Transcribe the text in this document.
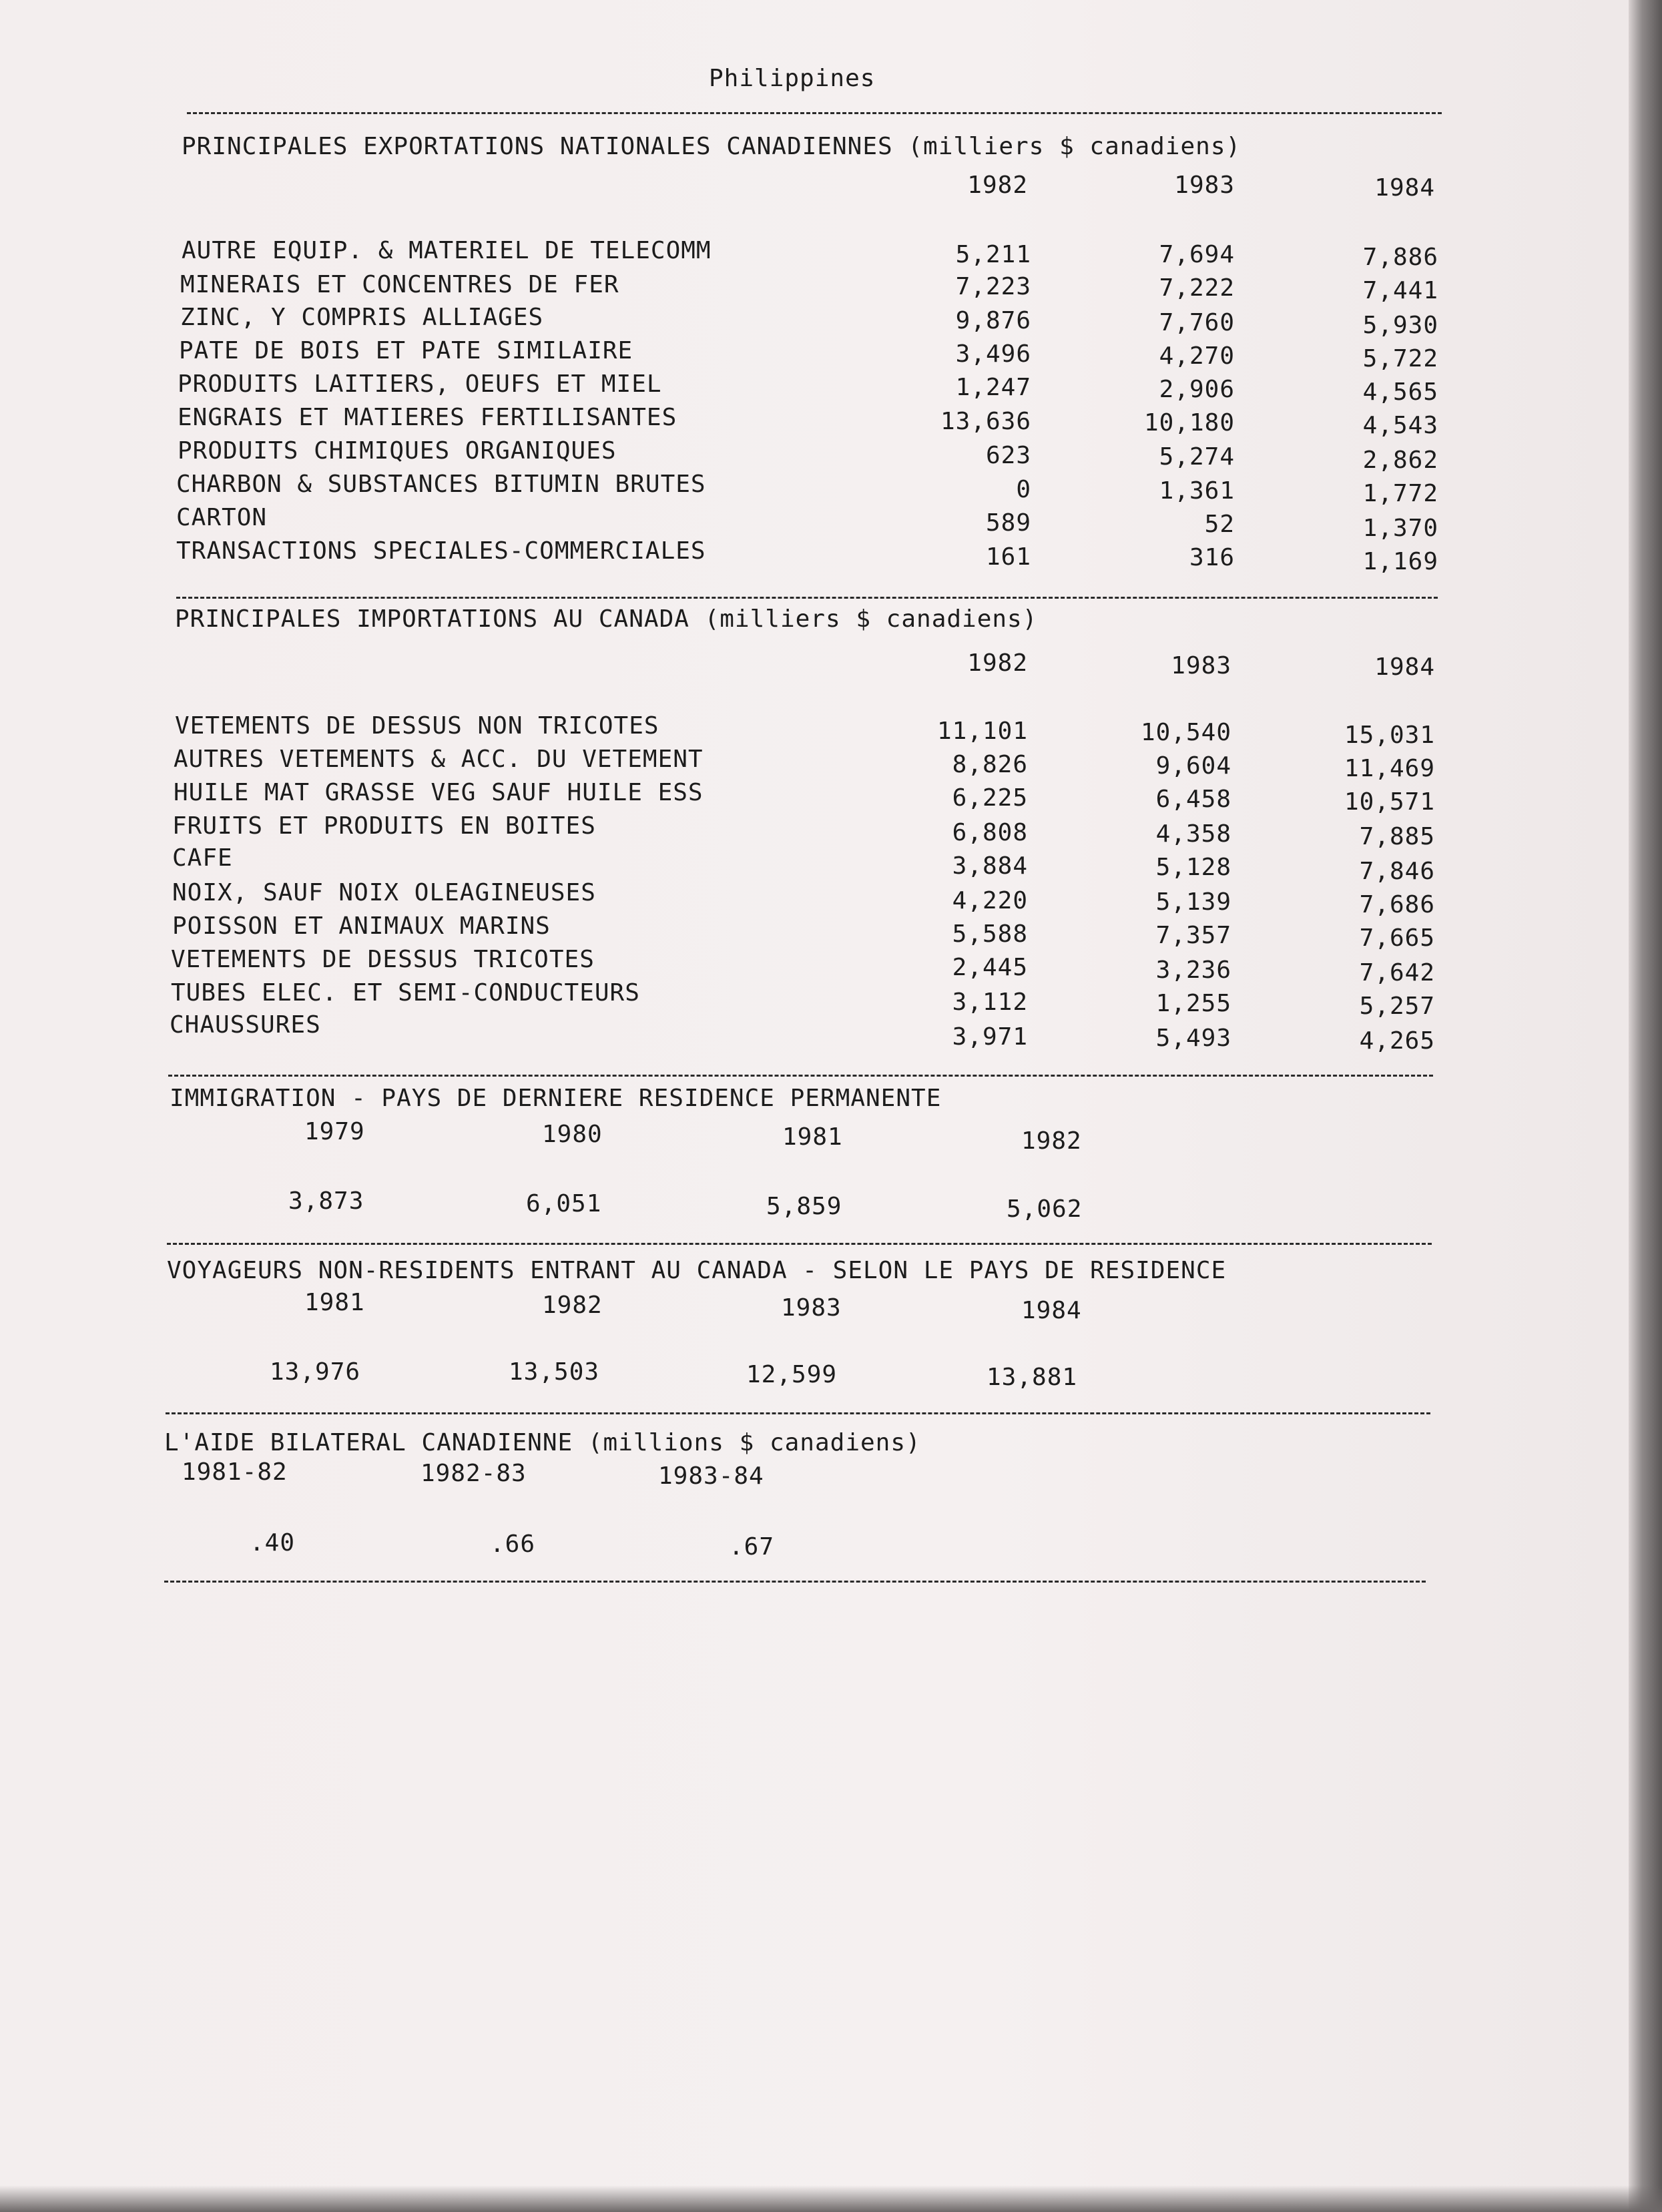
Philippines
PRINCIPALES EXPORTATIONS NATIONALES CANADIENNES (milliers $ canadiens)
1982	1983	1984
AUTRE EQUIP. & MATERIEL DE TELECOMM	5,211	7,694	7,886
MINERAIS ET CONCENTRES DE FER	7,223	7,222	7,441
ZINC, Y COMPRIS ALLIAGES	9,876	7,760	5,930
PATE DE BOIS ET PATE SIMILAIRE	3,496	4,270	5,722
PRODUITS LAITIERS, OEUFS ET MIEL	1,247	2,906	4,565
ENGRAIS ET MATIERES FERTILISANTES	13,636	10,180	4,543
PRODUITS CHIMIQUES ORGANIQUES	623	5,274	2,862
CHARBON & SUBSTANCES BITUMIN BRUTES	0	1,361	1,772
CARTON	589	52	1,370
TRANSACTIONS SPECIALES-COMMERCIALES	161	316	1,169
PRINCIPALES IMPORTATIONS AU CANADA (milliers $ canadiens)
1982	1983	1984
VETEMENTS DE DESSUS NON TRICOTES	11,101	10,540	15,031
AUTRES VETEMENTS & ACC. DU VETEMENT	8,826	9,604	11,469
HUILE MAT GRASSE VEG SAUF HUILE ESS	6,225	6,458	10,571
FRUITS ET PRODUITS EN BOITES	6,808	4,358	7,885
CAFE	3,884	5,128	7,846
NOIX, SAUF NOIX OLEAGINEUSES	4,220	5,139	7,686
POISSON ET ANIMAUX MARINS	5,588	7,357	7,665
VETEMENTS DE DESSUS TRICOTES	2,445	3,236	7,642
TUBES ELEC. ET SEMI-CONDUCTEURS	3,112	1,255	5,257
CHAUSSURES	3,971	5,493	4,265
IMMIGRATION - PAYS DE DERNIERE RESIDENCE PERMANENTE
1979	1980	1981	1982
3,873	6,051	5,859	5,062
VOYAGEURS NON-RESIDENTS ENTRANT AU CANADA - SELON LE PAYS DE RESIDENCE
1981	1982	1983	1984
13,976	13,503	12,599	13,881
L'AIDE BILATERAL CANADIENNE (millions $ canadiens)
1981-82	1982-83	1983-84
.40	.66	.67
